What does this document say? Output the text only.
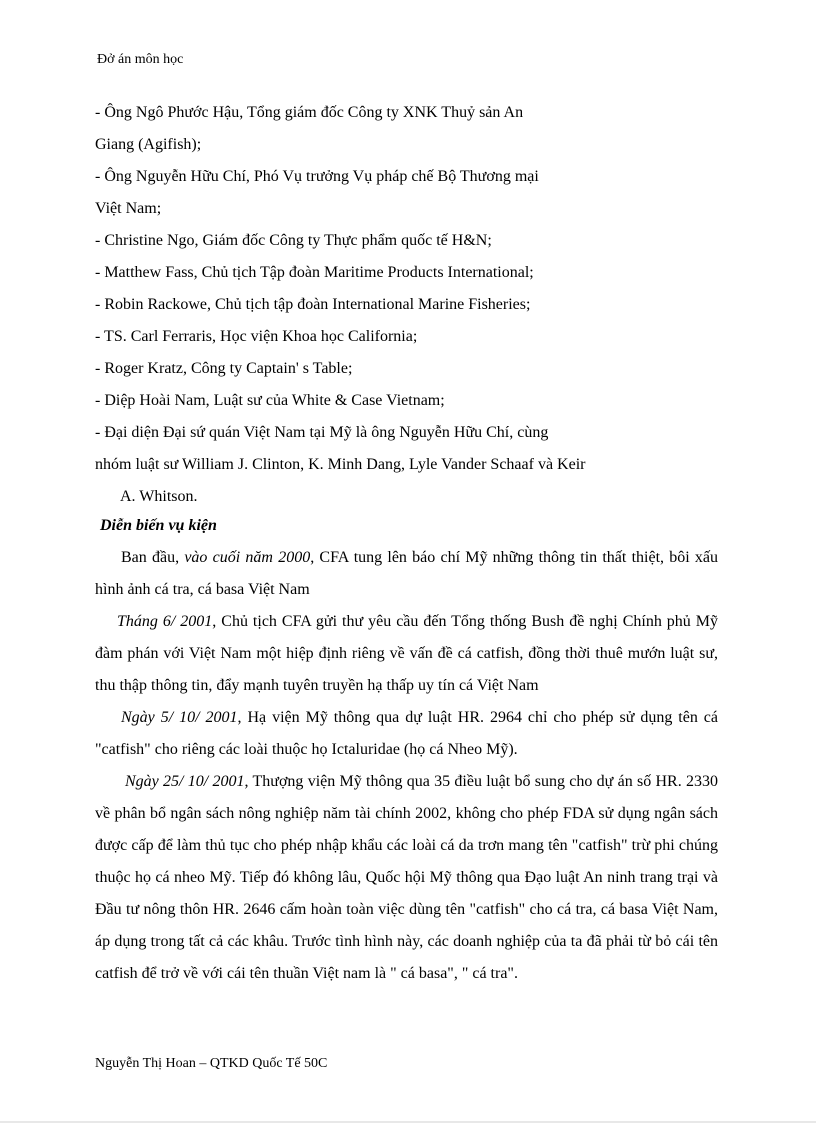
Đở án môn học
- Ông Ngô Phước Hậu, Tổng giám đốc Công ty XNK Thuỷ sản An
Giang (Agifish);
- Ông Nguyễn Hữu Chí, Phó Vụ trưởng Vụ pháp chế Bộ Thương mại
Việt Nam;
- Christine Ngo, Giám đốc Công ty Thực phẩm quốc tế H&N;
- Matthew Fass, Chủ tịch Tập đoàn Maritime Products International;
- Robin Rackowe, Chủ tịch tập đoàn International Marine Fisheries;
- TS. Carl Ferraris, Học viện Khoa học California;
- Roger Kratz, Công ty Captain' s Table;
- Diệp Hoài Nam, Luật sư của White & Case Vietnam;
- Đại diện Đại sứ quán Việt Nam tại Mỹ là ông Nguyễn Hữu Chí, cùng
nhóm luật sư William J. Clinton, K. Minh Dang, Lyle Vander Schaaf và Keir
A. Whitson.
Diễn biến vụ kiện
Ban đầu, vào cuối năm 2000, CFA tung lên báo chí Mỹ những thông tin thất thiệt, bôi xấu hình ảnh cá tra, cá basa Việt Nam
Tháng 6/ 2001, Chủ tịch CFA gửi thư yêu cầu đến Tổng thống Bush đề nghị Chính phủ Mỹ đàm phán với Việt Nam một hiệp định riêng về vấn đề cá catfish, đồng thời thuê mướn luật sư, thu thập thông tin, đẩy mạnh tuyên truyền hạ thấp uy tín cá Việt Nam
Ngày 5/ 10/ 2001, Hạ viện Mỹ thông qua dự luật HR. 2964 chỉ cho phép sử dụng tên cá "catfish" cho riêng các loài thuộc họ Ictaluridae (họ cá Nheo Mỹ).
Ngày 25/ 10/ 2001, Thượng viện Mỹ thông qua 35 điều luật bổ sung cho dự án số HR. 2330 về phân bổ ngân sách nông nghiệp năm tài chính 2002, không cho phép FDA sử dụng ngân sách được cấp để làm thủ tục cho phép nhập khẩu các loài cá da trơn mang tên "catfish" trừ phi chúng thuộc họ cá nheo Mỹ. Tiếp đó không lâu, Quốc hội Mỹ thông qua Đạo luật An ninh trang trại và Đầu tư nông thôn HR. 2646 cấm hoàn toàn việc dùng tên "catfish" cho cá tra, cá basa Việt Nam, áp dụng trong tất cả các khâu. Trước tình hình này, các doanh nghiệp của ta đã phải từ bỏ cái tên catfish để trở về với cái tên thuần Việt nam là " cá basa", " cá tra".
Nguyễn Thị Hoan – QTKD Quốc Tế 50C
